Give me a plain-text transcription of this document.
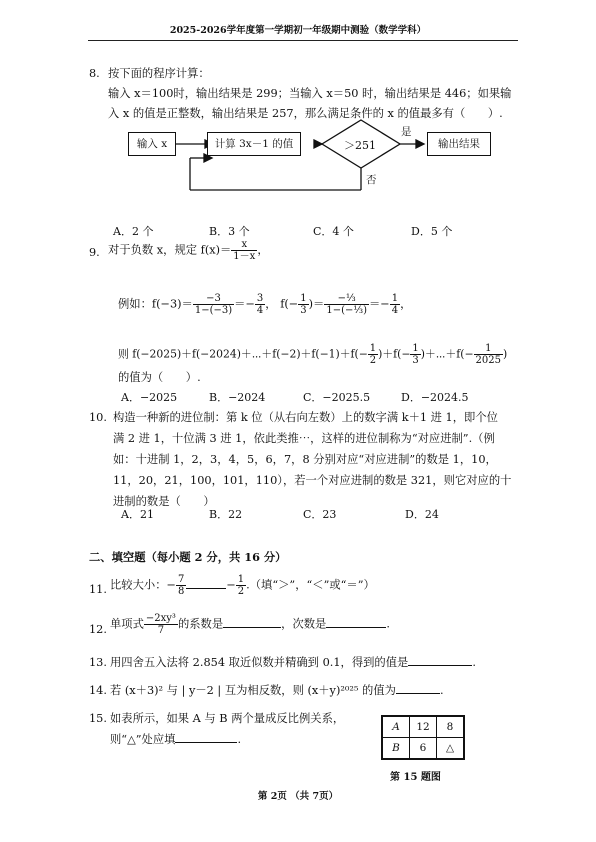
2025-2026学年度第一学期初一年级期中测验（数学学科）
8. 按下面的程序计算：
输入 x＝100时，输出结果是 299；当输入 x＝50 时，输出结果是 446；如果输
入 x 的值是正整数，输出结果是 257，那么满足条件的 x 的值最多有（　　）.
输入 x	计算 3x－1 的值	＞251
是
否
输出结果
A．2 个	B．3 个	C．4 个	D．5 个
9. 对于负数 x，规定 $f(x)= \frac{x}{1-x}$ ，
例如：$f(-3)= \frac{-3}{1-(-3)} =- \frac{3}{4}$ ， $f(- \frac{1}{3}$ )＝ $\frac{\text{−⅓}}{\text{1−(−⅓)}} =- \frac{1}{4}$ ，
则 f(−2025)＋f(−2024)＋⋯＋f(−2)＋f(−1)＋f(− $\frac{1}{2} )+f(- \frac{1}{3}$ )＋⋯＋f(− $\frac{1}{2025}$ )
的值为（　　）.
A．−2025	B．−2024	C．−2025.5	D．−2024.5
10. 构造一种新的进位制：第 k 位（从右向左数）上的数字满 k＋1 进 1，即个位
满 2 进 1，十位满 3 进 1，依此类推⋯，这样的进位制称为“对应进制”.（例
如：十进制 1，2，3，4，5，6，7，8 分别对应“对应进制”的数是 1，10，
11，20，21，100，101，110），若一个对应进制的数是 321，则它对应的十
进制的数是（　　）
A．21	B．22	C．23	D．24
二、填空题（每小题 2 分，共 16 分）
11. 比较大小：− $\frac{7}{8}$	− $\frac{1}{2}$ .（填“＞”，“＜”或“＝”）
12. 单项式 $\frac{\text{−2xy³}}{7}$ 的系数是	，次数是	.
13. 用四舍五入法将 2.854 取近似数并精确到 0.1，得到的值是	.
14. 若 (x＋3)² 与 | y－2 | 互为相反数，则 (x＋y)²⁰²⁵ 的值为	.
15. 如表所示，如果 A 与 B 两个量成反比例关系，
则“△”处应填	.
A	12	8
B	6	△
第 15 题图
第 2页 （共 7页）
